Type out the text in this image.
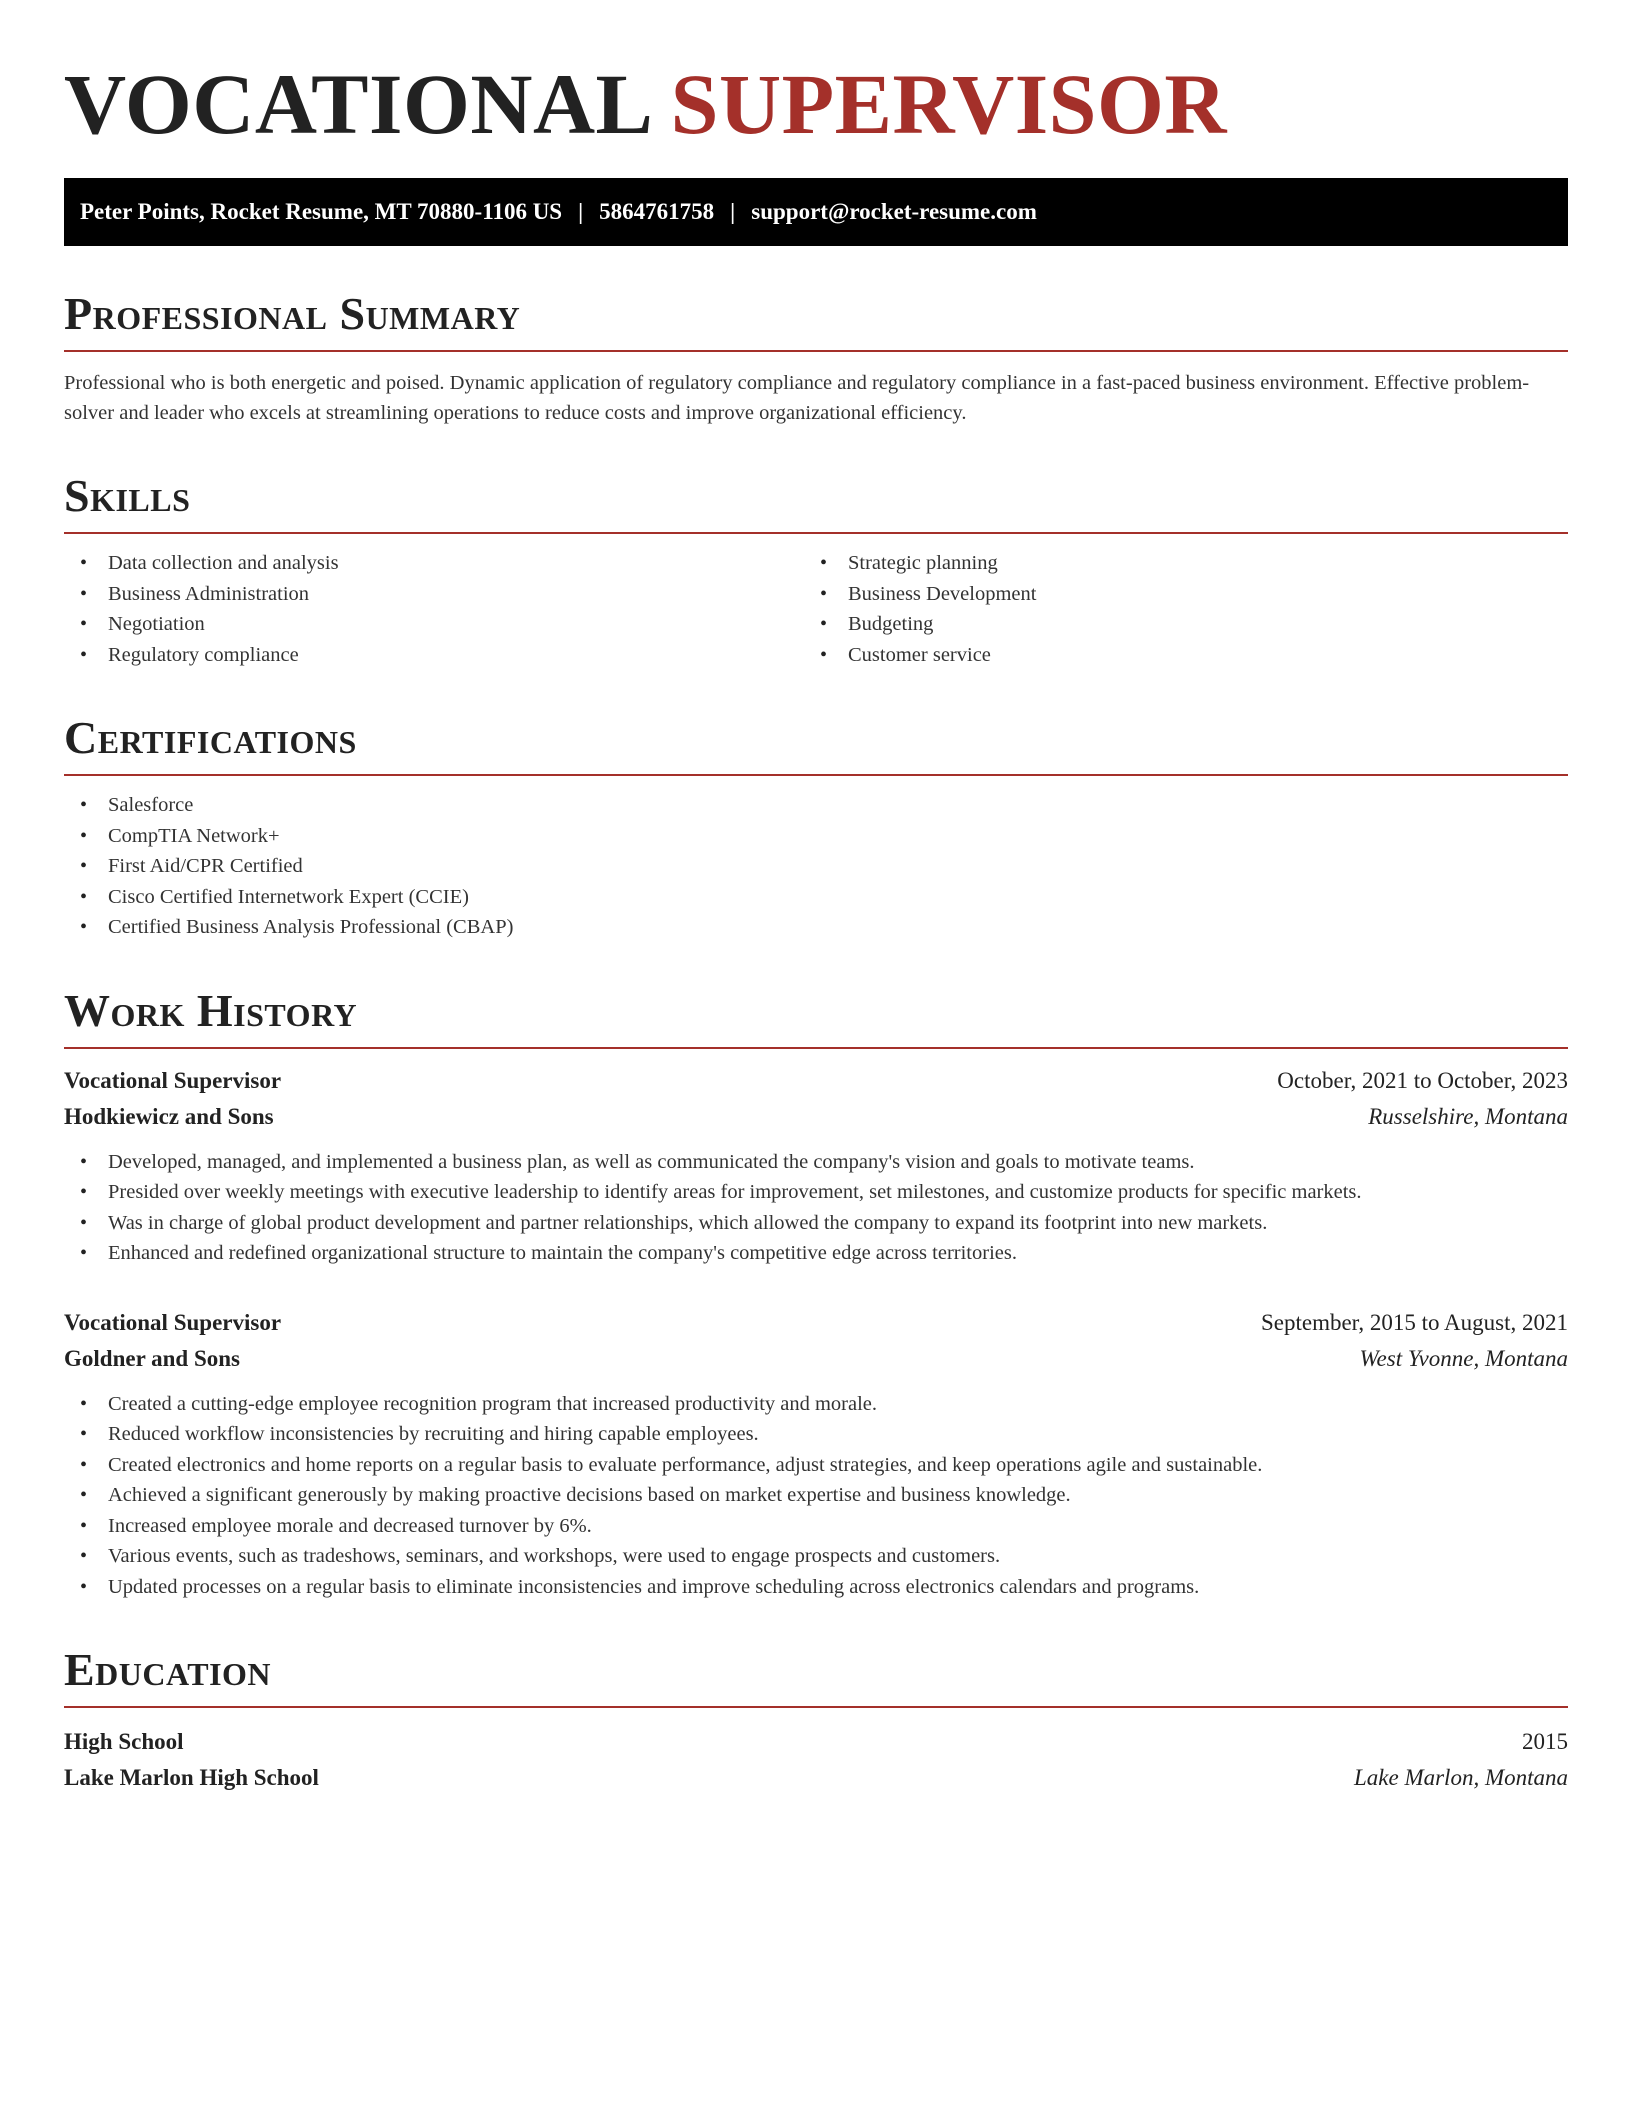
VOCATIONAL SUPERVISOR
Peter Points, Rocket Resume, MT 70880-1106 US | 5864761758 | support@rocket-resume.com
Professional Summary

Professional who is both energetic and poised. Dynamic application of regulatory compliance and regulatory compliance in a fast-paced business environment. Effective problem-solver and leader who excels at streamlining operations to reduce costs and improve organizational efficiency.

Skills
• Data collection and analysis
• Business Administration
• Negotiation
• Regulatory compliance
• Strategic planning
• Business Development
• Budgeting
• Customer service
Certifications
• Salesforce
• CompTIA Network+
• First Aid/CPR Certified
• Cisco Certified Internetwork Expert (CCIE)
• Certified Business Analysis Professional (CBAP)
Work History
Vocational Supervisor	October, 2021 to October, 2023
Hodkiewicz and Sons	Russelshire, Montana
• Developed, managed, and implemented a business plan, as well as communicated the company's vision and goals to motivate teams.
• Presided over weekly meetings with executive leadership to identify areas for improvement, set milestones, and customize products for specific markets.
• Was in charge of global product development and partner relationships, which allowed the company to expand its footprint into new markets.
• Enhanced and redefined organizational structure to maintain the company's competitive edge across territories.
Vocational Supervisor	September, 2015 to August, 2021
Goldner and Sons	West Yvonne, Montana
• Created a cutting-edge employee recognition program that increased productivity and morale.
• Reduced workflow inconsistencies by recruiting and hiring capable employees.
• Created electronics and home reports on a regular basis to evaluate performance, adjust strategies, and keep operations agile and sustainable.
• Achieved a significant generously by making proactive decisions based on market expertise and business knowledge.
• Increased employee morale and decreased turnover by 6%.
• Various events, such as tradeshows, seminars, and workshops, were used to engage prospects and customers.
• Updated processes on a regular basis to eliminate inconsistencies and improve scheduling across electronics calendars and programs.
Education
High School	2015
Lake Marlon High School	Lake Marlon, Montana
